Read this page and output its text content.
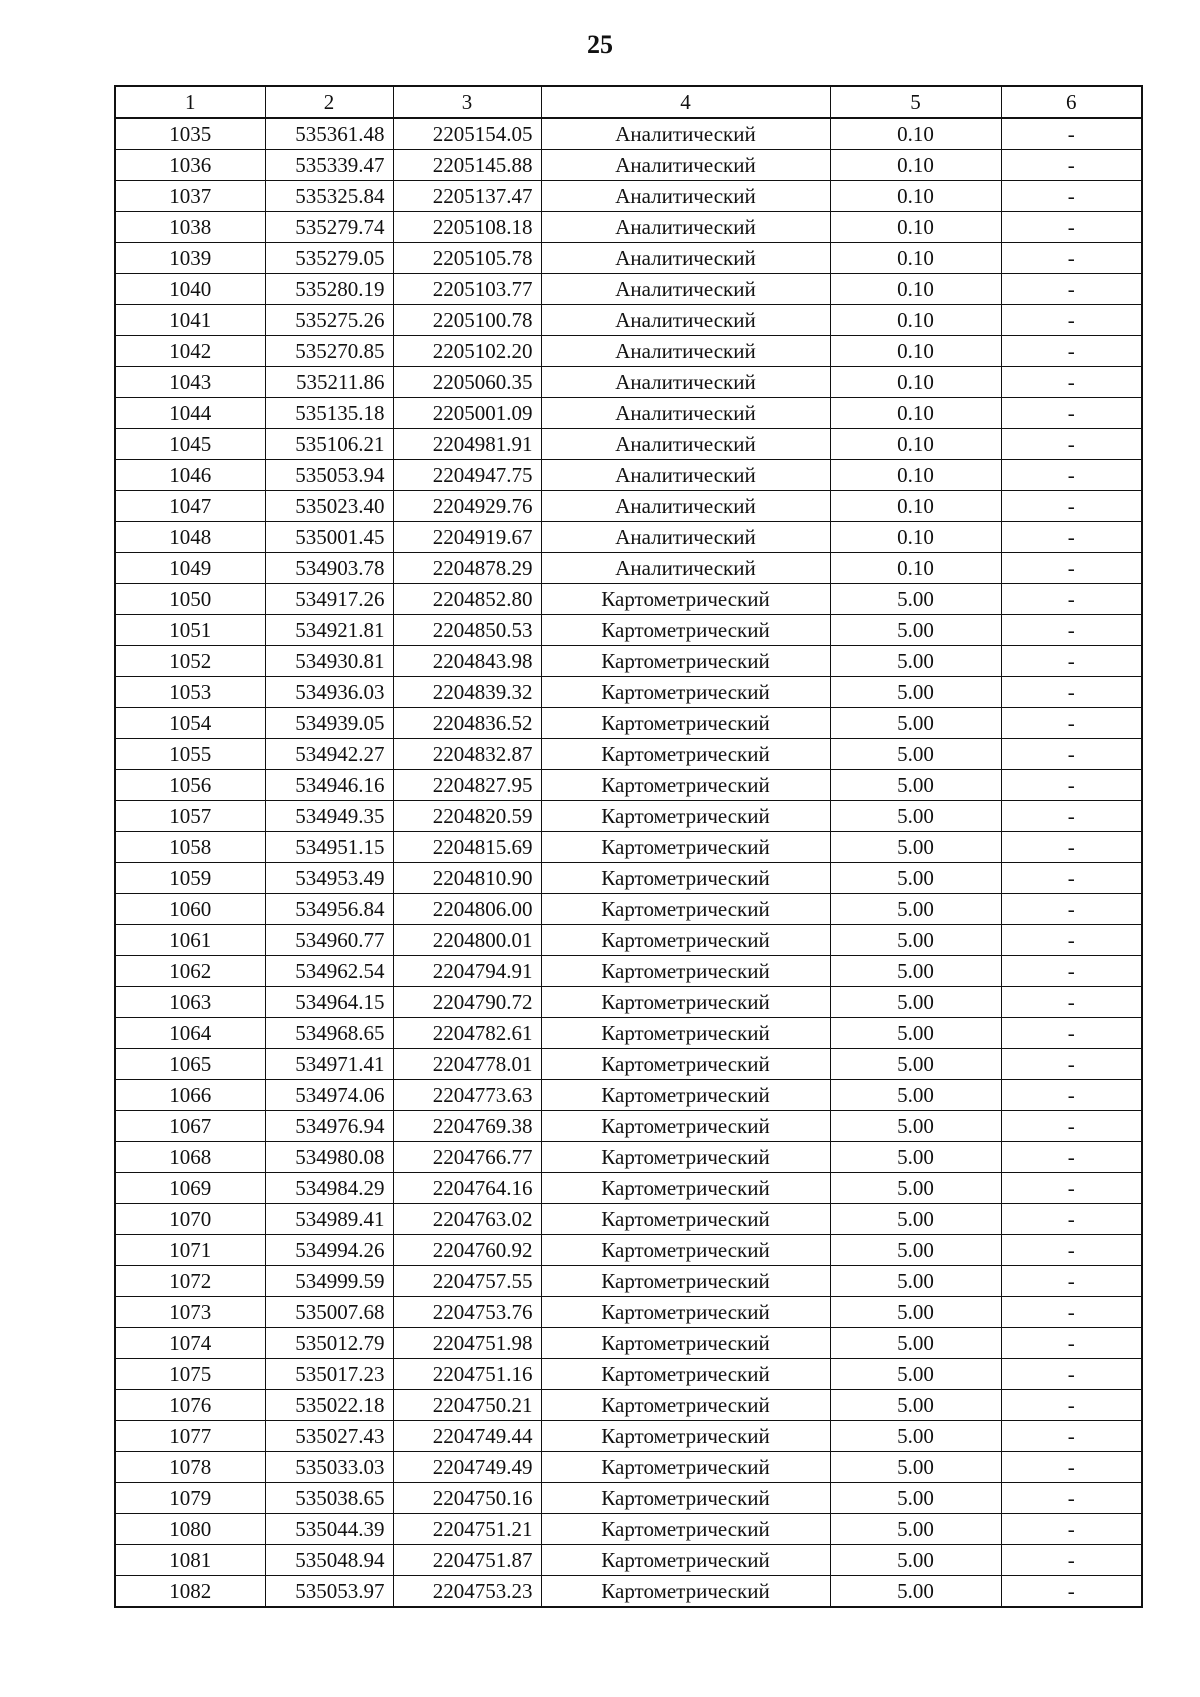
25
1	2	3	4	5	6
1035	535361.48	2205154.05	Аналитический	0.10	-
1036	535339.47	2205145.88	Аналитический	0.10	-
1037	535325.84	2205137.47	Аналитический	0.10	-
1038	535279.74	2205108.18	Аналитический	0.10	-
1039	535279.05	2205105.78	Аналитический	0.10	-
1040	535280.19	2205103.77	Аналитический	0.10	-
1041	535275.26	2205100.78	Аналитический	0.10	-
1042	535270.85	2205102.20	Аналитический	0.10	-
1043	535211.86	2205060.35	Аналитический	0.10	-
1044	535135.18	2205001.09	Аналитический	0.10	-
1045	535106.21	2204981.91	Аналитический	0.10	-
1046	535053.94	2204947.75	Аналитический	0.10	-
1047	535023.40	2204929.76	Аналитический	0.10	-
1048	535001.45	2204919.67	Аналитический	0.10	-
1049	534903.78	2204878.29	Аналитический	0.10	-
1050	534917.26	2204852.80	Картометрический	5.00	-
1051	534921.81	2204850.53	Картометрический	5.00	-
1052	534930.81	2204843.98	Картометрический	5.00	-
1053	534936.03	2204839.32	Картометрический	5.00	-
1054	534939.05	2204836.52	Картометрический	5.00	-
1055	534942.27	2204832.87	Картометрический	5.00	-
1056	534946.16	2204827.95	Картометрический	5.00	-
1057	534949.35	2204820.59	Картометрический	5.00	-
1058	534951.15	2204815.69	Картометрический	5.00	-
1059	534953.49	2204810.90	Картометрический	5.00	-
1060	534956.84	2204806.00	Картометрический	5.00	-
1061	534960.77	2204800.01	Картометрический	5.00	-
1062	534962.54	2204794.91	Картометрический	5.00	-
1063	534964.15	2204790.72	Картометрический	5.00	-
1064	534968.65	2204782.61	Картометрический	5.00	-
1065	534971.41	2204778.01	Картометрический	5.00	-
1066	534974.06	2204773.63	Картометрический	5.00	-
1067	534976.94	2204769.38	Картометрический	5.00	-
1068	534980.08	2204766.77	Картометрический	5.00	-
1069	534984.29	2204764.16	Картометрический	5.00	-
1070	534989.41	2204763.02	Картометрический	5.00	-
1071	534994.26	2204760.92	Картометрический	5.00	-
1072	534999.59	2204757.55	Картометрический	5.00	-
1073	535007.68	2204753.76	Картометрический	5.00	-
1074	535012.79	2204751.98	Картометрический	5.00	-
1075	535017.23	2204751.16	Картометрический	5.00	-
1076	535022.18	2204750.21	Картометрический	5.00	-
1077	535027.43	2204749.44	Картометрический	5.00	-
1078	535033.03	2204749.49	Картометрический	5.00	-
1079	535038.65	2204750.16	Картометрический	5.00	-
1080	535044.39	2204751.21	Картометрический	5.00	-
1081	535048.94	2204751.87	Картометрический	5.00	-
1082	535053.97	2204753.23	Картометрический	5.00	-
